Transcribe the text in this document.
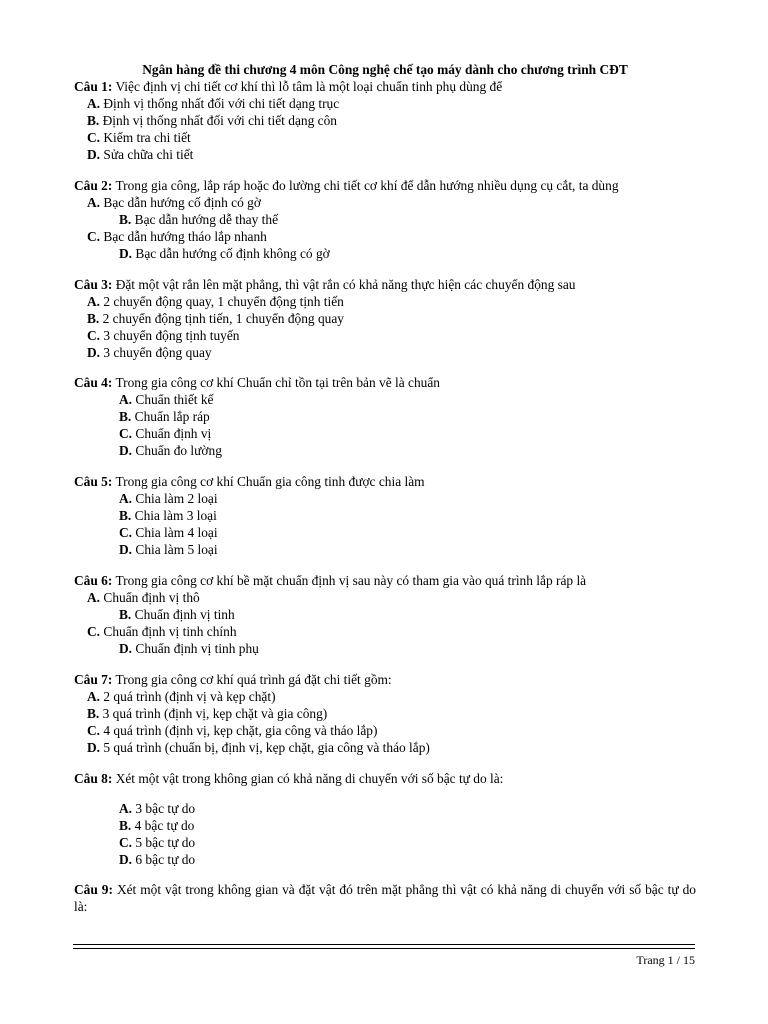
Ngân hàng đề thi chương 4 môn Công nghệ chế tạo máy dành cho chương trình CĐT
Câu 1: Việc định vị chi tiết cơ khí thì lỗ tâm là một loại chuẩn tinh phụ dùng để
A. Định vị thống nhất đối với chi tiết dạng trục
B. Định vị thống nhất đối với chi tiết dạng côn
C. Kiểm tra chi tiết
D. Sửa chữa chi tiết
Câu 2: Trong gia công, lắp ráp hoặc đo lường chi tiết cơ khí để dẫn hướng nhiều dụng cụ cắt, ta dùng
A. Bạc dẫn hướng cố định có gờ
B. Bạc dẫn hướng dễ thay thế
C. Bạc dẫn hướng tháo lắp nhanh
D. Bạc dẫn hướng cố định không có gờ
Câu 3: Đặt một vật rắn lên mặt phẳng, thì vật rắn có khả năng thực hiện các chuyển động sau
A. 2 chuyển động quay, 1 chuyển động tịnh tiến
B. 2 chuyển động tịnh tiến, 1 chuyển động quay
C. 3 chuyển động tịnh tuyến
D. 3 chuyển động quay
Câu 4: Trong gia công cơ khí Chuẩn chỉ tồn tại trên bản vẽ là chuẩn
A. Chuẩn thiết kế
B. Chuẩn lắp ráp
C. Chuẩn định vị
D. Chuẩn đo lường
Câu 5: Trong gia công cơ khí Chuẩn gia công tinh được chia làm
A. Chia làm 2 loại
B. Chia làm 3 loại
C. Chia làm 4 loại
D. Chia làm 5 loại
Câu 6: Trong gia công cơ khí bề mặt chuẩn định vị sau này có tham gia vào quá trình lắp ráp là
A. Chuẩn định vị thô
B. Chuẩn định vị tinh
C. Chuẩn định vị tinh chính
D. Chuẩn định vị tinh phụ
Câu 7: Trong gia công cơ khí quá trình gá đặt chi tiết gồm:
A. 2 quá trình (định vị và kẹp chặt)
B. 3 quá trình (định vị, kẹp chặt và gia công)
C. 4 quá trình (định vị, kẹp chặt, gia công và tháo lắp)
D. 5 quá trình (chuẩn bị, định vị, kẹp chặt, gia công và tháo lắp)
Câu 8: Xét một vật trong không gian có khả năng di chuyển với số bậc tự do là:
A. 3 bậc tự do
B. 4 bậc tự do
C. 5 bậc tự do
D. 6 bậc tự do
Câu 9: Xét một vật trong không gian và đặt vật đó trên mặt phẳng thì vật có khả năng di chuyển với số bậc tự do là:
Trang 1 / 15
